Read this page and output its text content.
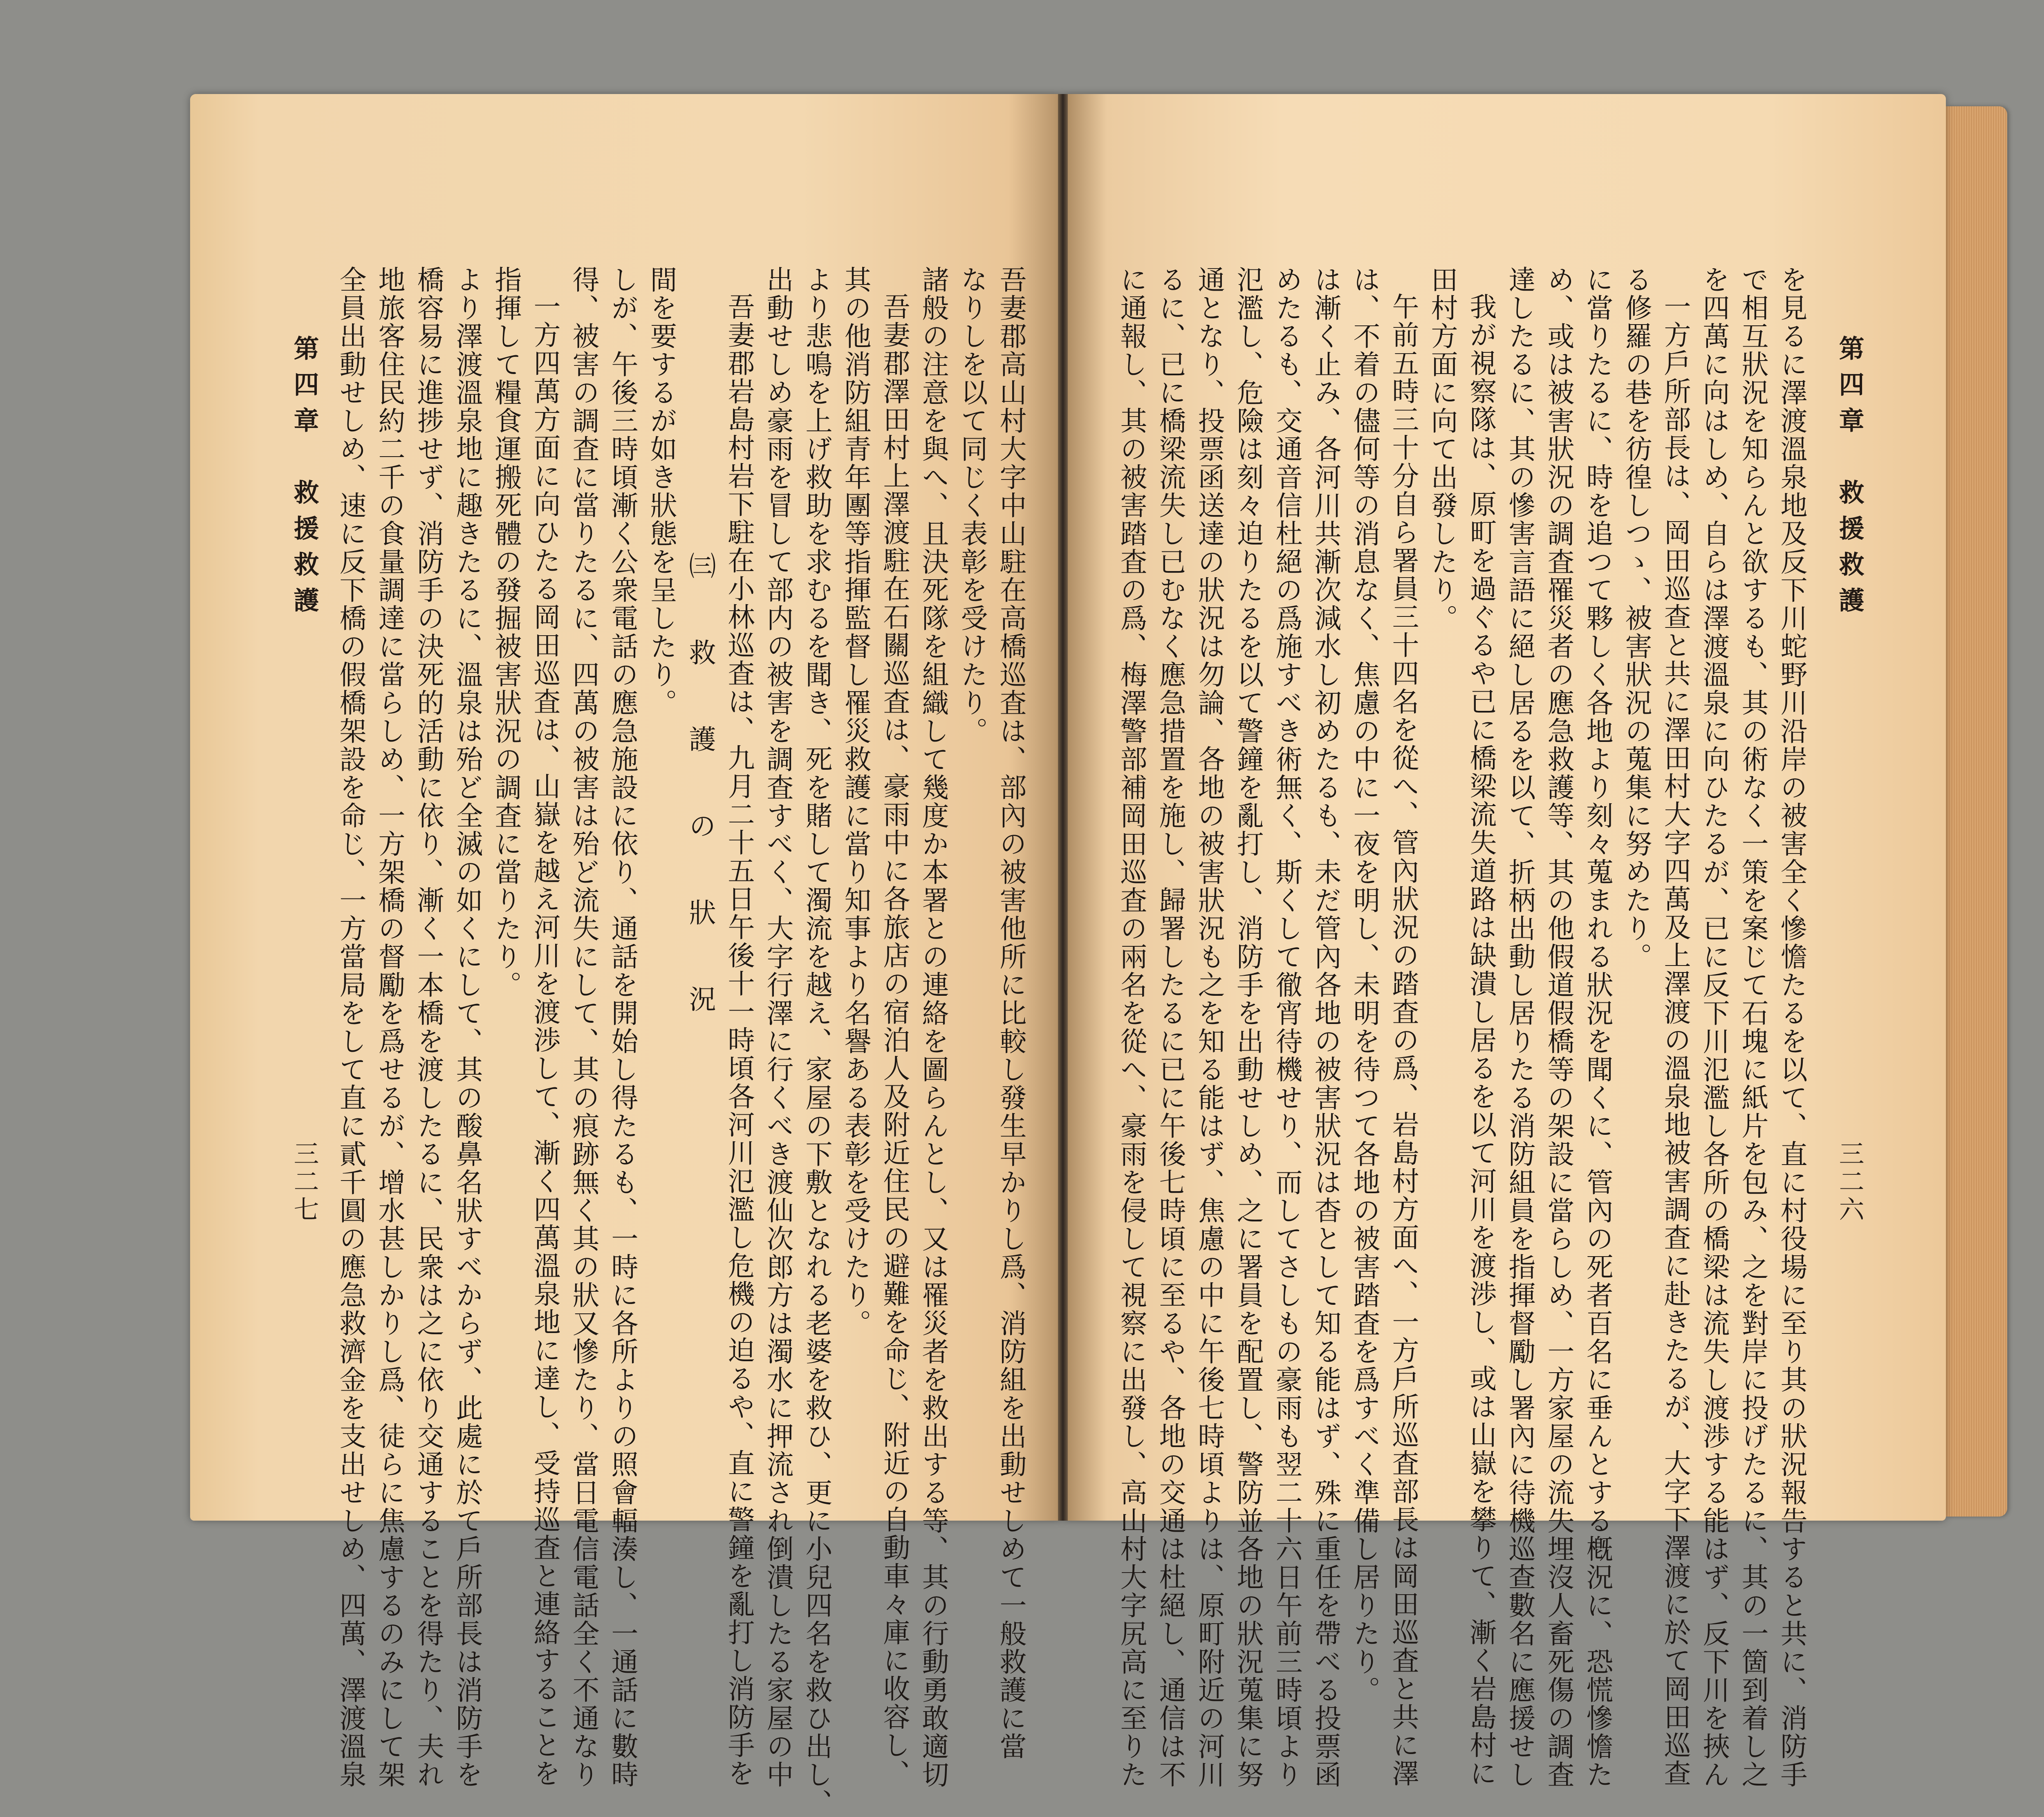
第四章　救援救護
三二七	吾妻郡高山村大字中山駐在高橋巡査は、部內の被害他所に比較し發生早かりし爲、消防組を出動せしめて一般救護に當

なりしを以て同じく表彰を受けたり。

諸般の注意を與へ、且決死隊を組織して幾度か本署との連絡を圖らんとし、又は罹災者を救出する等、其の行動勇敢適切

吾妻郡澤田村上澤渡駐在石關巡査は、豪雨中に各旅店の宿泊人及附近住民の避難を命じ、附近の自動車々庫に收容し、

其の他消防組青年團等指揮監督し罹災救護に當り知事より名譽ある表彰を受けたり。

より悲鳴を上げ救助を求むるを聞き、死を賭して濁流を越え、家屋の下敷となれる老婆を救ひ、更に小兒四名を救ひ出し、

出動せしめ豪雨を冒して部内の被害を調査すべく、大字行澤に行くべき渡仙次郎方は濁水に押流され倒潰したる家屋の中

吾妻郡岩島村岩下駐在小林巡査は、九月二十五日午後十一時頃各河川氾濫し危機の迫るや、直に警鐘を亂打し消防手を

㈢　救　護　の　狀　況

間を要するが如き狀態を呈したり。

しが、午後三時頃漸く公衆電話の應急施設に依り、通話を開始し得たるも、一時に各所よりの照會輻湊し、一通話に數時

得、被害の調査に當りたるに、四萬の被害は殆ど流失にして、其の痕跡無く其の狀又慘たり、當日電信電話全く不通なり

一方四萬方面に向ひたる岡田巡査は、山嶽を越え河川を渡渉して、漸く四萬溫泉地に達し、受持巡査と連絡することを

指揮して糧食運搬死體の發掘被害狀況の調査に當りたり。

より澤渡溫泉地に趣きたるに、溫泉は殆ど全滅の如くにして、其の酸鼻名狀すべからず、此處に於て戶所部長は消防手を

橋容易に進捗せず、消防手の決死的活動に依り、漸く一本橋を渡したるに、民衆は之に依り交通することを得たり、夫れ

地旅客住民約二千の食量調達に當らしめ、一方架橋の督勵を爲せるが、增水甚しかりし爲、徒らに焦慮するのみにして架

全員出動せしめ、速に反下橋の假橋架設を命じ、一方當局をして直に貳千圓の應急救濟金を支出せしめ、四萬、澤渡溫泉	第四章　救援救護
三二六

を見るに澤渡溫泉地及反下川蛇野川沿岸の被害全く慘憺たるを以て、直に村役場に至り其の狀況報告すると共に、消防手

で相互狀況を知らんと欲するも、其の術なく一策を案じて石塊に紙片を包み、之を對岸に投げたるに、其の一箇到着し之

を四萬に向はしめ、自らは澤渡溫泉に向ひたるが、已に反下川氾濫し各所の橋梁は流失し渡渉する能はず、反下川を挾ん

一方戶所部長は、岡田巡查と共に澤田村大字四萬及上澤渡の溫泉地被害調査に赴きたるが、大字下澤渡に於て岡田巡查

る修羅の巷を彷徨しつゝ、被害狀況の蒐集に努めたり。

に當りたるに、時を追つて夥しく各地より刻々蒐まれる狀況を聞くに、管內の死者百名に垂んとする槪況に、恐慌慘憺た

め、或は被害狀況の調査罹災者の應急救護等、其の他假道假橋等の架設に當らしめ、一方家屋の流失埋沒人畜死傷の調査

達したるに、其の慘害言語に絕し居るを以て、折柄出動し居りたる消防組員を指揮督勵し署內に待機巡查數名に應援せし

我が視察隊は、原町を過ぐるや已に橋梁流失道路は缺潰し居るを以て河川を渡渉し、或は山嶽を攀りて、漸く岩島村に

田村方面に向て出發したり。

午前五時三十分自ら署員三十四名を從へ、管內狀況の踏査の爲、岩島村方面へ、一方戶所巡査部長は岡田巡査と共に澤

は、不着の儘何等の消息なく、焦慮の中に一夜を明し、未明を待つて各地の被害踏査を爲すべく準備し居りたり。

は漸く止み、各河川共漸次減水し初めたるも、未だ管內各地の被害狀況は杳として知る能はず、殊に重任を帶べる投票函

めたるも、交通音信杜絕の爲施すべき術無く、斯くして徹宵待機せり、而してさしもの豪雨も翌二十六日午前三時頃より

氾濫し、危險は刻々迫りたるを以て警鐘を亂打し、消防手を出動せしめ、之に署員を配置し、警防並各地の狀況蒐集に努

通となり、投票函送達の狀況は勿論、各地の被害狀況も之を知る能はず、焦慮の中に午後七時頃よりは、原町附近の河川

るに、已に橋梁流失し已むなく應急措置を施し、歸署したるに已に午後七時頃に至るや、各地の交通は杜絕し、通信は不

に通報し、其の被害踏査の爲、梅澤警部補岡田巡査の兩名を從へ、豪雨を侵して視察に出發し、高山村大字尻高に至りた
